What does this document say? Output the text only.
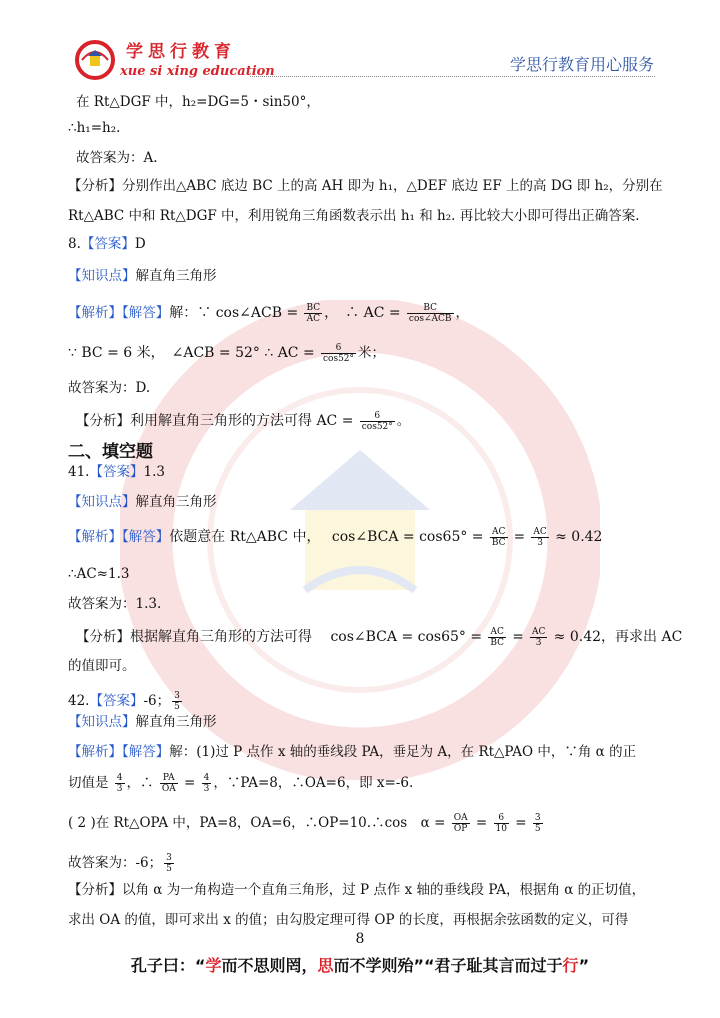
学思行教育
xue si xing education	学思行教育用心服务
在 Rt△DGF 中，h₂=DG=5・sin50°，
∴h₁=h₂.
故答案为：A.
【分析】分别作出△ABC 底边 BC 上的高 AH 即为 h₁，△DEF 底边 EF 上的高 DG 即 h₂，分别在
Rt△ABC 中和 Rt△DGF 中，利用锐角三角函数表示出 h₁ 和 h₂. 再比较大小即可得出正确答案.
8.【答案】D
【知识点】解直角三角形
【解析】【解答】解：∵ cos∠ACB = $\frac{BC}{AC}$ ，　∴ AC = $\frac{BC}{\text{cos∠ACB}}$ ，
∵ BC = 6 米，　∠ACB = 52° ∴ AC = $\frac{6}{\cos 52^\circ}$ 米；
故答案为：D.
【分析】利用解直角三角形的方法可得 AC = $\frac{6}{\cos 52^\circ}$ 。
二、填空题
41.【答案】1.3
【知识点】解直角三角形
【解析】【解答】依题意在 Rt△ABC 中，　 cos∠BCA = $\cos 65^\circ = \frac{AC}{BC} = \frac{AC}{3} \approx 0.42$
∴AC≈1.3
故答案为：1.3.
【分析】根据解直角三角形的方法可得　 cos∠BCA = $\cos 65^\circ = \frac{AC}{BC} = \frac{AC}{3} \approx 0.42$，再求出 AC
的值即可。
42.【答案】-6； $\frac{3}{5}$
【知识点】解直角三角形
【解析】【解答】解：(1)过 P 点作 x 轴的垂线段 PA，垂足为 A，在 Rt△PAO 中，∵角 α 的正
切值是 $\frac{4}{3}$ ，∴ $\frac{PA}{OA} = \frac{4}{3}$ ，∵PA=8，∴OA=6，即 x=-6.
( 2 )在 Rt△OPA 中，PA=8，OA=6，∴OP=10.∴cos　$\alpha = \frac{OA}{OP} = \frac{6}{10} = \frac{3}{5}$
故答案为：-6； $\frac{3}{5}$
【分析】以角 α 为一角构造一个直角三角形，过 P 点作 x 轴的垂线段 PA，根据角 α 的正切值，
求出 OA 的值，即可求出 x 的值；由勾股定理可得 OP 的长度，再根据余弦函数的定义，可得
8
孔子曰：“学而不思则罔，思而不学则殆”“君子耻其言而过于行”
